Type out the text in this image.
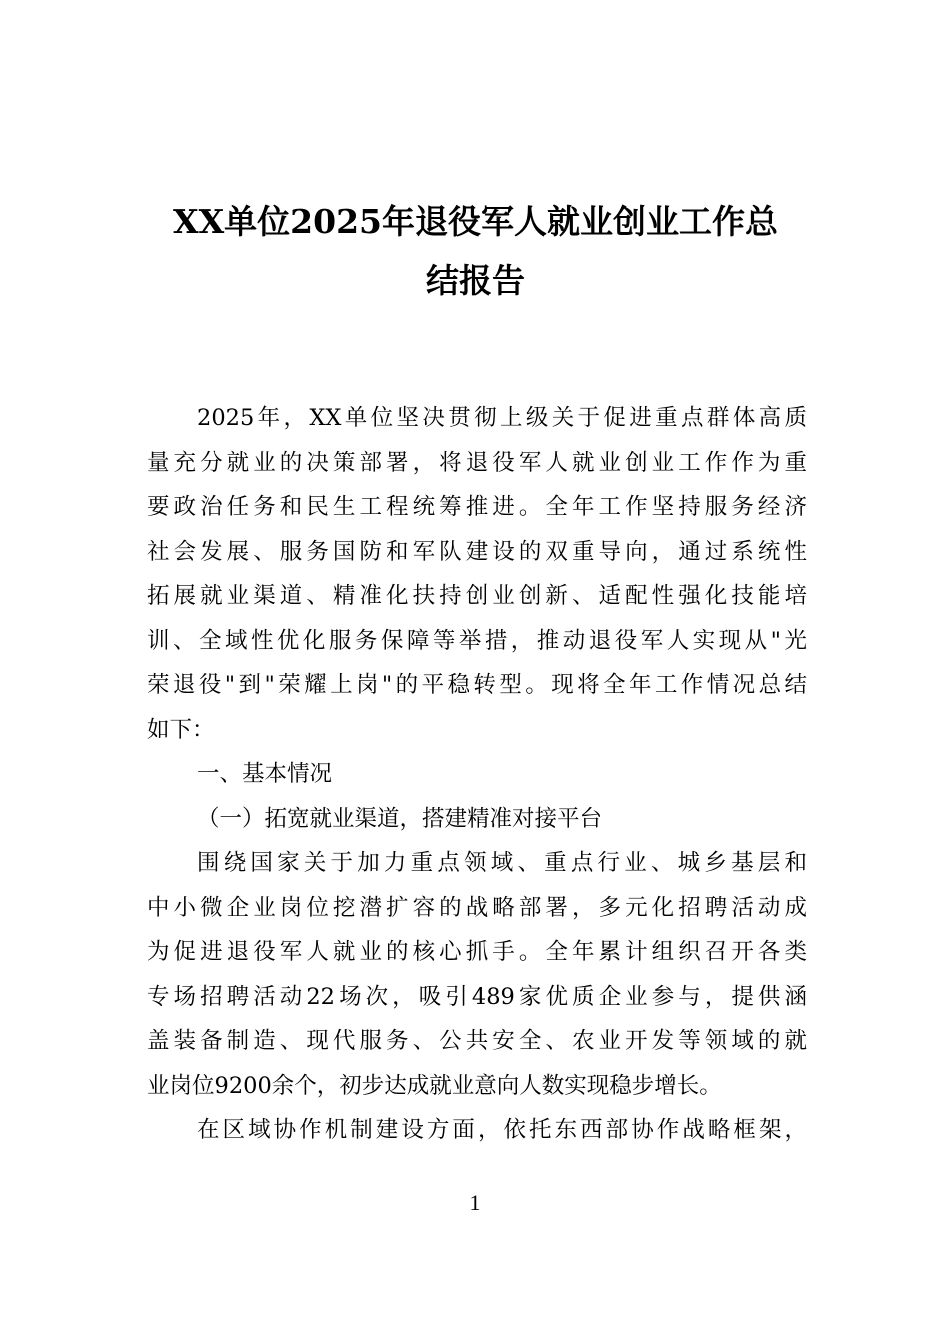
XX单位2025年退役军人就业创业工作总
结报告
2025年，XX单位坚决贯彻上级关于促进重点群体高质
量充分就业的决策部署，将退役军人就业创业工作作为重
要政治任务和民生工程统筹推进。全年工作坚持服务经济
社会发展、服务国防和军队建设的双重导向，通过系统性
拓展就业渠道、精准化扶持创业创新、适配性强化技能培
训、全域性优化服务保障等举措，推动退役军人实现从"光
荣退役"到"荣耀上岗"的平稳转型。现将全年工作情况总结
如下：
一、基本情况
（一）拓宽就业渠道，搭建精准对接平台
围绕国家关于加力重点领域、重点行业、城乡基层和
中小微企业岗位挖潜扩容的战略部署，多元化招聘活动成
为促进退役军人就业的核心抓手。全年累计组织召开各类
专场招聘活动22场次，吸引489家优质企业参与，提供涵
盖装备制造、现代服务、公共安全、农业开发等领域的就
业岗位9200余个，初步达成就业意向人数实现稳步增长。
在区域协作机制建设方面，依托东西部协作战略框架，
1
